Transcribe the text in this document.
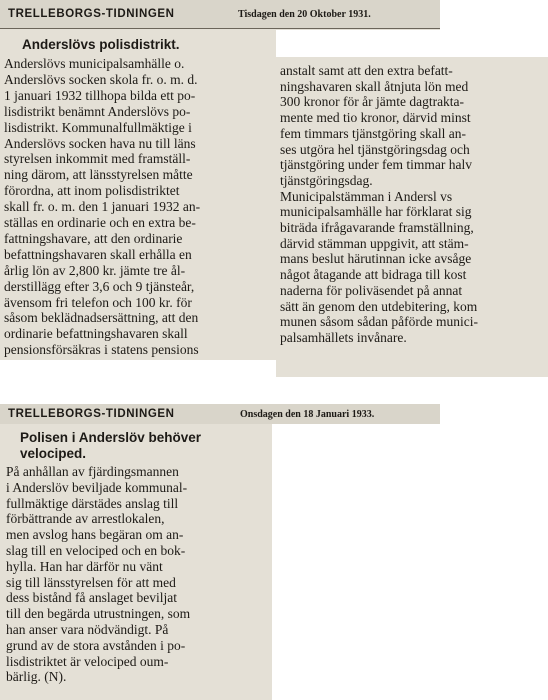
TRELLEBORGS-TIDNINGEN	Tisdagen den 20 Oktober 1931.
Anderslövs polisdistrikt.
Anderslövs municipalsamhälle o.
Anderslövs socken skola fr. o. m. d.
1 januari 1932 tillhopa bilda ett po-
lisdistrikt benämnt Anderslövs po-
lisdistrikt. Kommunalfullmäktige i
Anderslövs socken hava nu till läns
styrelsen inkommit med framställ-
ning därom, att länsstyrelsen måtte
förordna, att inom polisdistriktet
skall fr. o. m. den 1 januari 1932 an-
ställas en ordinarie och en extra be-
fattningshavare, att den ordinarie
befattningshavaren skall erhålla en
årlig lön av 2,800 kr. jämte tre ål-
derstillägg efter 3,6 och 9 tjänsteår,
ävensom fri telefon och 100 kr. för
såsom beklädnadsersättning, att den
ordinarie befattningshavaren skall
pensionsförsäkras i statens pensions
anstalt samt att den extra befatt-
ningshavaren skall åtnjuta lön med
300 kronor för år jämte dagtrakta-
mente med tio kronor, därvid minst
fem timmars tjänstgöring skall an-
ses utgöra hel tjänstgöringsdag och
tjänstgöring under fem timmar halv
tjänstgöringsdag.
Municipalstämman i Andersl vs
municipalsamhälle har förklarat sig
biträda ifrågavarande framställning,
därvid stämman uppgivit, att stäm-
mans beslut härutinnan icke avsåge
något åtagande att bidraga till kost
naderna för poliväsendet på annat
sätt än genom den utdebitering, kom
munen såsom sådan påförde munici-
palsamhällets invånare.
TRELLEBORGS-TIDNINGEN	Onsdagen den 18 Januari 1933.
Polisen i Anderslöv behöver
velociped.
På anhållan av fjärdingsmannen
i Anderslöv beviljade kommunal-
fullmäktige därstädes anslag till
förbättrande av arrestlokalen,
men avslog hans begäran om an-
slag till en velociped och en bok-
hylla. Han har därför nu vänt
sig till länsstyrelsen för att med
dess bistånd få anslaget beviljat
till den begärda utrustningen, som
han anser vara nödvändigt. På
grund av de stora avstånden i po-
lisdistriktet är velociped oum-
bärlig. (N).
